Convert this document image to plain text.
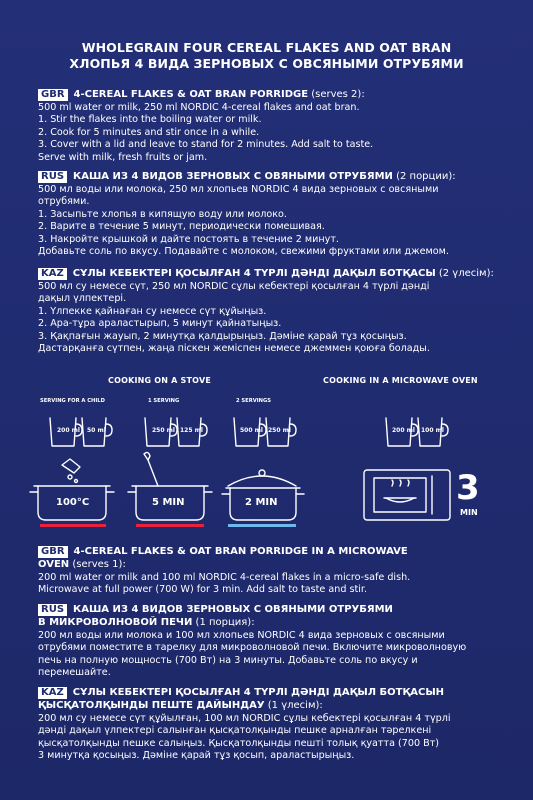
WHOLEGRAIN FOUR CEREAL FLAKES AND OAT BRAN
ХЛОПЬЯ 4 ВИДА ЗЕРНОВЫХ С ОВСЯНЫМИ ОТРУБЯМИ
GBR 4-CEREAL FLAKES & OAT BRAN PORRIDGE (serves 2):
500 ml water or milk, 250 ml NORDIC 4-cereal flakes and oat bran.
1. Stir the flakes into the boiling water or milk.
2. Cook for 5 minutes and stir once in a while.
3. Cover with a lid and leave to stand for 2 minutes. Add salt to taste.
Serve with milk, fresh fruits or jam.
RUS КАША ИЗ 4 ВИДОВ ЗЕРНОВЫХ С ОВЯНЫМИ ОТРУБЯМИ (2 порции):
500 мл воды или молока, 250 мл хлопьев NORDIC 4 вида зерновых с овсяными
отрубями.
1. Засыпьте хлопья в кипящую воду или молоко.
2. Варите в течение 5 минут, периодически помешивая.
3. Накройте крышкой и дайте постоять в течение 2 минут.
Добавьте соль по вкусу. Подавайте с молоком, свежими фруктами или джемом.
KAZ СҰЛЫ КЕБЕКТЕРІ ҚОСЫЛҒАН 4 ТҮРЛІ ДӘНДІ ДАҚЫЛ БОТҚАСЫ (2 үлесім):
500 мл су немесе сүт, 250 мл NORDIC сұлы кебектері қосылған 4 түрлі дәнді
дақыл үлпектері.
1. Үлпекке қайнаған су немесе сүт құйыңыз.
2. Ара-тұра араластырып, 5 минут қайнатыңыз.
3. Қақпағын жауып, 2 минутқа қалдырыңыз. Дәміне қарай тұз қосыңыз.
Дастарқанға сүтпен, жаңа піскен жемiспен немесе джеммен қоюға болады.
COOKING ON A STOVE	COOKING IN A MICROWAVE OVEN
SERVING FOR A CHILD	1 SERVING	2 SERVINGS
200 ml 50 ml	250 ml 125 ml	500 ml 250 ml	200 ml 100 ml
100°C	5 MIN	2 MIN	3
MIN
GBR 4-CEREAL FLAKES & OAT BRAN PORRIDGE IN A MICROWAVE
OVEN (serves 1):
200 ml water or milk and 100 ml NORDIC 4-cereal flakes in a micro-safe dish.
Microwave at full power (700 W) for 3 min. Add salt to taste and stir.
RUS КАША ИЗ 4 ВИДОВ ЗЕРНОВЫХ С ОВЯНЫМИ ОТРУБЯМИ
В МИКРОВОЛНОВОЙ ПЕЧИ (1 порция):
200 мл воды или молока и 100 мл хлопьев NORDIC 4 вида зерновых с овсяными
отрубями поместите в тарелку для микроволновой печи. Включите микроволновую
печь на полную мощность (700 Вт) на 3 минуты. Добавьте соль по вкусу и
перемешайте.
KAZ СҰЛЫ КЕБЕКТЕРІ ҚОСЫЛҒАН 4 ТҮРЛІ ДӘНДІ ДАҚЫЛ БОТҚАСЫН
ҚЫСҚАТОЛҚЫНДЫ ПЕШТЕ ДАЙЫНДАУ (1 үлесім):
200 мл су немесе сүт құйылған, 100 мл NORDIC сұлы кебектері қосылған 4 түрлі
дәнді дақыл үлпектері салынған қысқатолқынды пешке арналған тәрелкені
қысқатолқынды пешке салыңыз. Қысқатолқынды пешті толық қуатта (700 Вт)
3 минутқа қосыңыз. Дәміне қарай тұз қосып, араластырыңыз.
